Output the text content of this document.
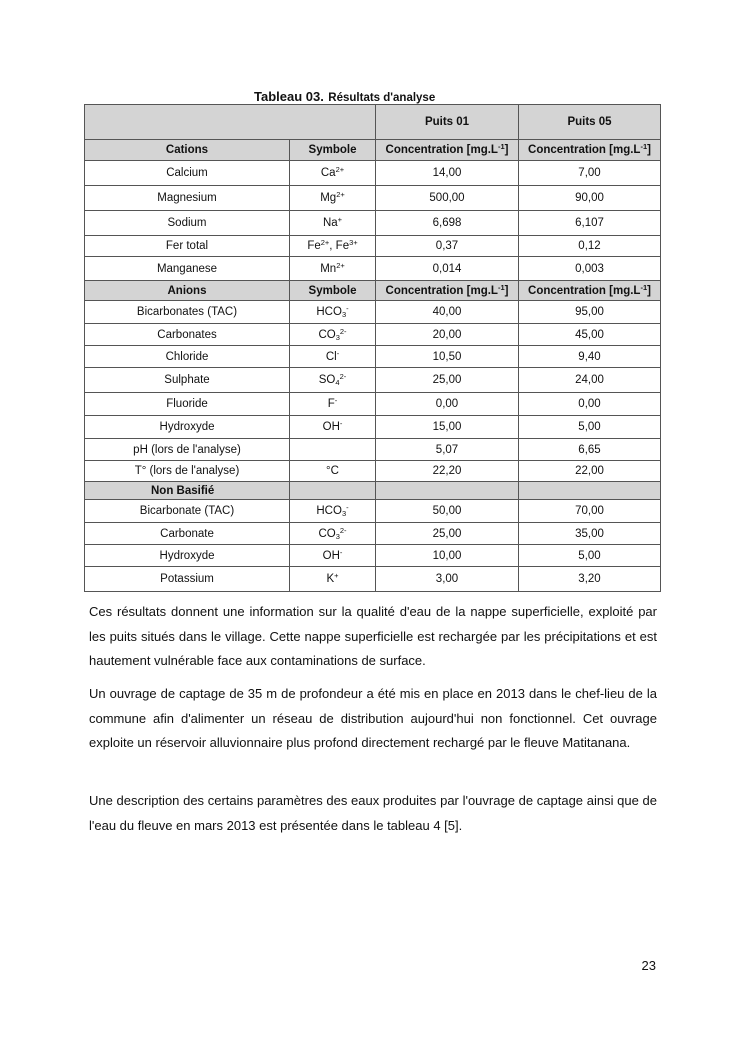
Tableau 03. Résultats d'analyse
		Puits 01	Puits 05
Cations	Symbole	Concentration $[mg.L^{-1}]$	Concentration $[mg.L^{-1}]$
Calcium	$Ca^{2+}$	14,00	7,00
Magnesium	$Mg^{2+}$	500,00	90,00
Sodium	Na+	6,698	6,107
Fer total	$Fe^{2+}$, $Fe^{3+}$	0,37	0,12
Manganese	$Mn^{2+}$	0,014	0,003
Anions	Symbole	Concentration $[mg.L^{-1}]$	Concentration $[mg.L^{-1}]$
Bicarbonates (TAC)	$HCO_3^-$	40,00	95,00
Carbonates	$CO_3^{2-}$	20,00	45,00
Chloride	Cl-	10,50	9,40
Sulphate	$SO_4^{2-}$	25,00	24,00
Fluoride	F-	0,00	0,00
Hydroxyde	OH-	15,00	5,00
pH (lors de l'analyse)		5,07	6,65
T° (lors de l'analyse)	°C	22,20	22,00
Non Basifié			
Bicarbonate (TAC)	$HCO_3^-$	50,00	70,00
Carbonate	$CO_3^{2-}$	25,00	35,00
Hydroxyde	OH-	10,00	5,00
Potassium	K+	3,00	3,20

Ces résultats donnent une information sur la qualité d'eau de la nappe superficielle, exploité par les puits situés dans le village. Cette nappe superficielle est rechargée par les précipitations et est hautement vulnérable face aux contaminations de surface.

Un ouvrage de captage de 35 m de profondeur a été mis en place en 2013 dans le chef-lieu de la commune afin d'alimenter un réseau de distribution aujourd'hui non fonctionnel. Cet ouvrage exploite un réservoir alluvionnaire plus profond directement rechargé par le fleuve Matitanana.

Une description des certains paramètres des eaux produites par l'ouvrage de captage ainsi que de l'eau du fleuve en mars 2013 est présentée dans le tableau 4 [5].

23
